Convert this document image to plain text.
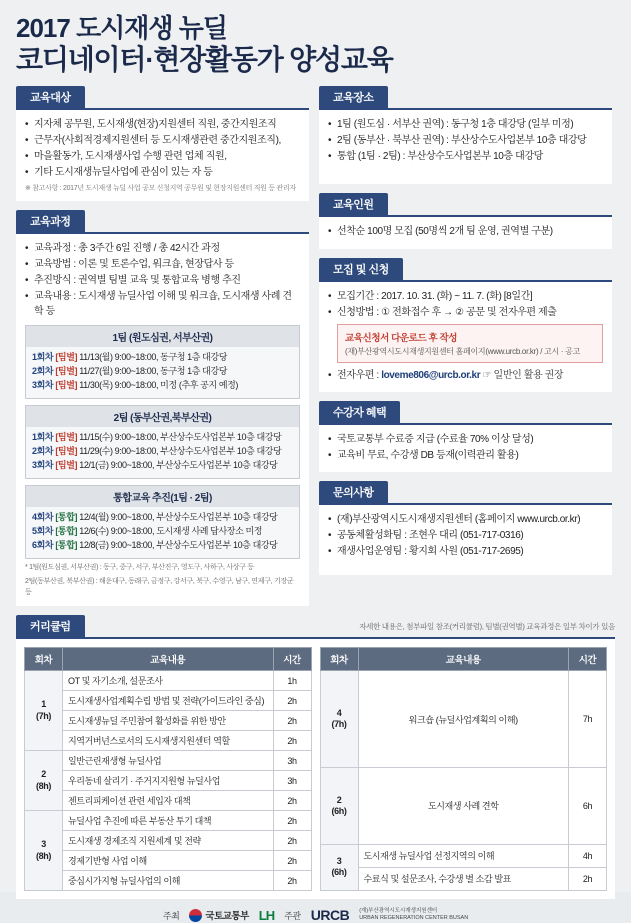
2017 도시재생 뉴딜
코디네이터·현장활동가 양성교육
교육대상
• 지자체 공무원, 도시재생(현장)지원센터 직원, 중간지원조직
• 근무자(사회적경제지원센터 등 도시재생관련 중간지원조직),
• 마을활동가, 도시재생사업 수행 관련 업체 직원,
• 기타 도시재생뉴딜사업에 관심이 있는 자 등
※ 참고사항 : 2017년 도시재생 뉴딜 사업 공모 신청지역 공무원 및 현장지원센터 직원 등 관리자
교육과정
• 교육과정 : 총 3주간 6일 진행 / 총 42시간 과정
• 교육방법 : 이론 및 토론수업, 워크숍, 현장답사 등
• 추진방식 : 권역별 팀별 교육 및 통합교육 병행 추진
• 교육내용 : 도시재생 뉴딜사업 이해 및 워크숍, 도시재생 사례 견학 등
1팀 (원도심권, 서부산권)
1회차 [팀별] 11/13(월) 9:00~18:00, 동구청 1층 대강당
2회차 [팀별] 11/27(월) 9:00~18:00, 동구청 1층 대강당
3회차 [팀별] 11/30(목) 9:00~18:00, 미정 (추후 공지 예정)
2팀 (동부산권,북부산권)
1회차 [팀별] 11/15(수) 9:00~18:00, 부산상수도사업본부 10층 대강당
2회차 [팀별] 11/29(수) 9:00~18:00, 부산상수도사업본부 10층 대강당
3회차 [팀별] 12/1(금) 9:00~18:00, 부산상수도사업본부 10층 대강당
통합교육 추진(1팀 · 2팀)
4회차 [통합] 12/4(월) 9:00~18:00, 부산상수도사업본부 10층 대강당
5회차 [통합] 12/6(수) 9:00~18:00, 도시재생 사례 답사장소 미정
6회차 [통합] 12/8(금) 9:00~18:00, 부산상수도사업본부 10층 대강당
* 1팀(원도심권, 서부산권) : 동구, 중구, 서구, 부산진구, 영도구, 사하구, 사상구 등
2팀(동부산권, 북부산권) : 해운대구, 동래구, 금정구, 강서구, 북구, 수영구, 남구, 연제구, 기장군 등
교육장소
• 1팀 (원도심 · 서부산 권역) : 동구청 1층 대강당 (일부 미정)
• 2팀 (동부산 · 북부산 권역) : 부산상수도사업본부 10층 대강당
• 통합 (1팀 · 2팀) : 부산상수도사업본부 10층 대강당
교육인원
• 선착순 100명 모집 (50명씩 2개 팀 운영, 권역별 구분)
모집 및 신청
• 모집기간 : 2017. 10. 31. (화) ~ 11. 7. (화) [8일간]
• 신청방법 : ① 전화접수 후 → ② 공문 및 전자우편 제출
교육신청서 다운로드 후 작성
(재)부산광역시도시재생지원센터 홈페이지(www.urcb.or.kr) / 고시 · 공고
• 전자우편 : loveme806@urcb.or.kr ☞ 일반인 활용 권장
수강자 혜택
• 국토교통부 수료증 지급 (수료율 70% 이상 달성)
• 교육비 무료, 수강생 DB 등재(이력관리 활용)
문의사항
• (재)부산광역시도시재생지원센터 (홈페이지 www.urcb.or.kr)
• 공동체활성화팀 : 조현우 대리 (051-717-0316)
• 재생사업운영팀 : 황지회 사원 (051-717-2695)
커리큘럼	자세한 내용은, 첨부파일 참조(커리큘럼), 팀별(권역별) 교육과정은 일부 차이가 있음
회차	교육내용	시간
1
(7h)	OT 및 자기소개, 설문조사	1h
	도시재생사업계획수립 방법 및 전략(가이드라인 중심)	2h
	도시재생뉴딜 주민참여 활성화를 위한 방안	2h
	지역거버넌스로서의 도시재생지원센터 역할	2h
2
(8h)	일반근린재생형 뉴딜사업	3h
	우리동네 살리기 · 주거지지원형 뉴딜사업	3h
	젠트리피케이션 관련 세입자 대책	2h
3
(8h)	뉴딜사업 추진에 따른 부동산 투기 대책	2h
	도시재생 경제조직 지원세계 및 전략	2h
	경제기반형 사업 이해	2h
	중심시가지형 뉴딜사업의 이해	2h
회차	교육내용	시간
4
(7h)	워크숍 (뉴딜사업계획의 이해)	7h
2
(6h)	도시재생 사례 견학	6h
3
(6h)	도시재생 뉴딜사업 선정지역의 이해	4h
	수료식 및 설문조사, 수강생 별 소감 발표	2h
주최	국토교통부 LH 주관 URCB (재)부산광역시도시재생지원센터
URBAN REGENERATION CENTER BUSAN
